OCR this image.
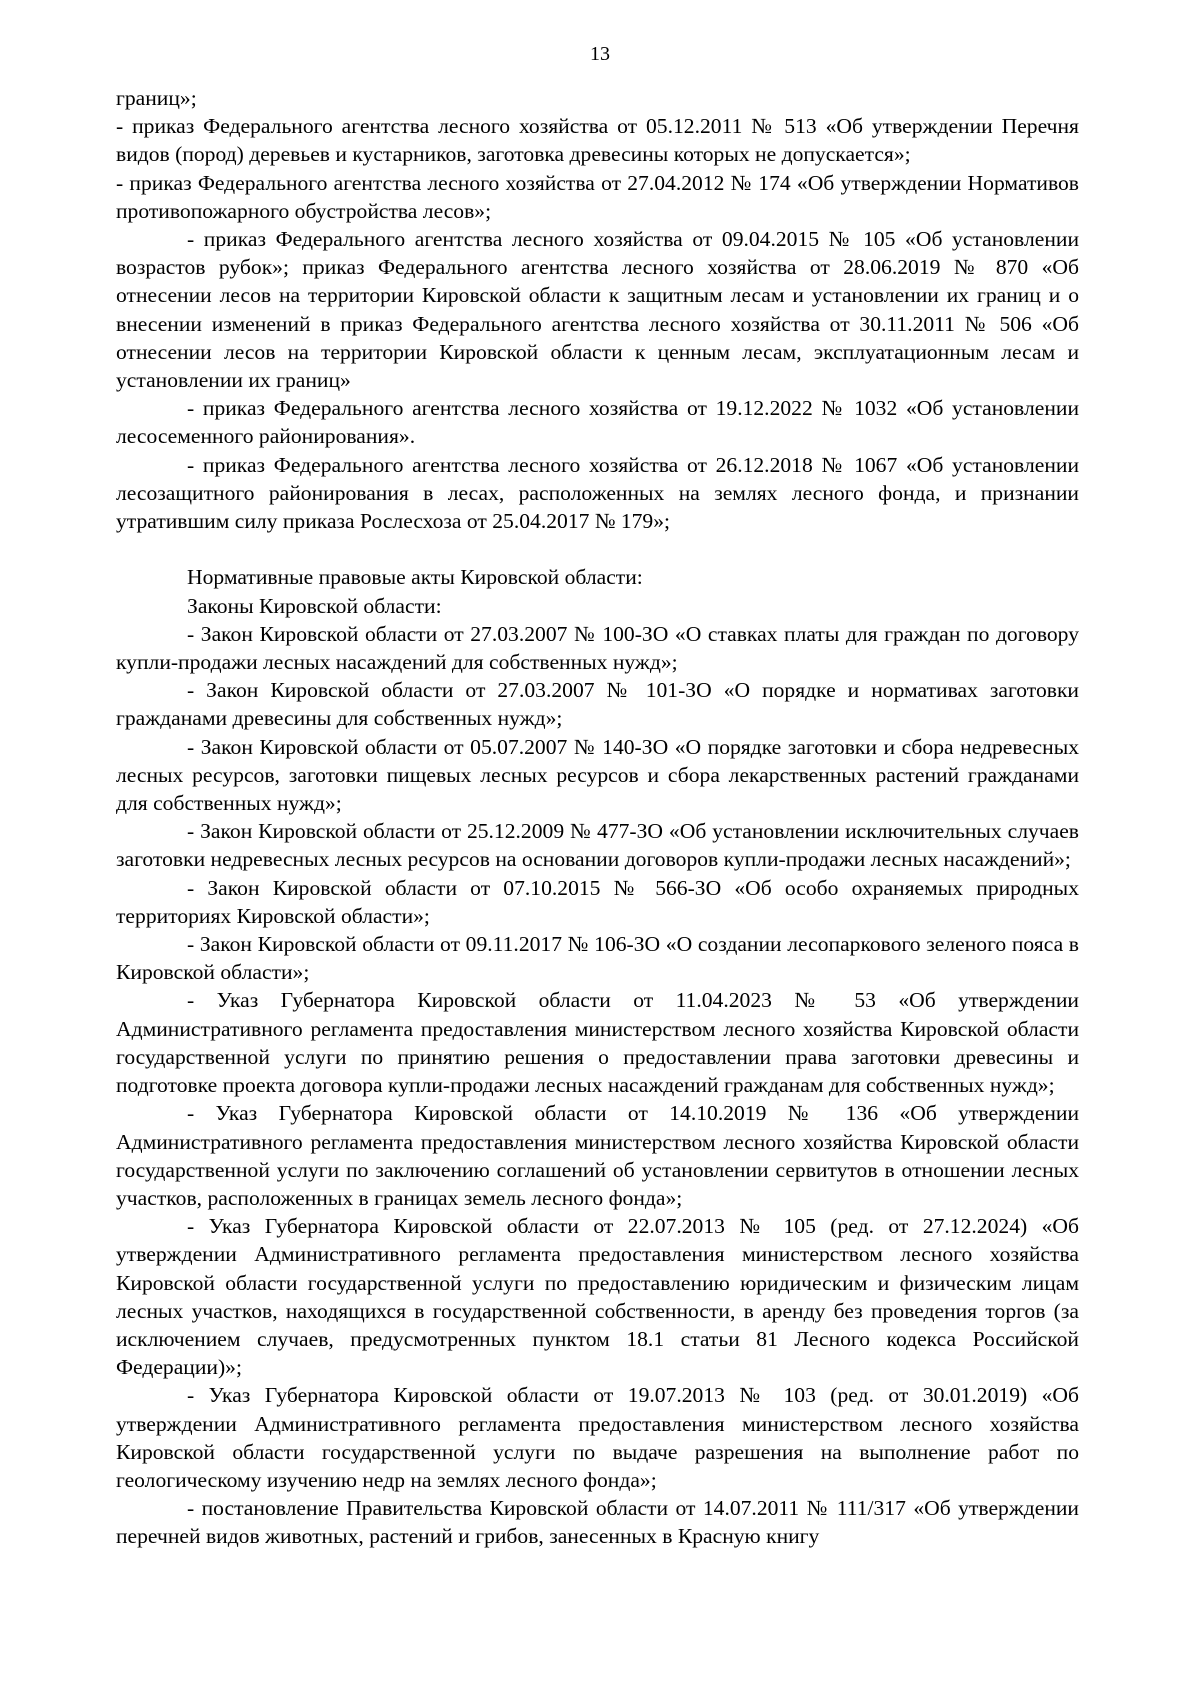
13

границ»;

- приказ Федерального агентства лесного хозяйства от 05.12.2011 № 513 «Об утверждении Перечня видов (пород) деревьев и кустарников, заготовка древесины которых не допускается»;

- приказ Федерального агентства лесного хозяйства от 27.04.2012 № 174 «Об утверждении Нормативов противопожарного обустройства лесов»;

- приказ Федерального агентства лесного хозяйства от 09.04.2015 № 105 «Об установлении возрастов рубок»; приказ Федерального агентства лесного хозяйства от 28.06.2019 № 870 «Об отнесении лесов на территории Кировской области к защитным лесам и установлении их границ и о внесении изменений в приказ Федерального агентства лесного хозяйства от 30.11.2011 № 506 «Об отнесении лесов на территории Кировской области к ценным лесам, эксплуатационным лесам и установлении их границ»

- приказ Федерального агентства лесного хозяйства от 19.12.2022 № 1032 «Об установлении лесосеменного районирования».

- приказ Федерального агентства лесного хозяйства от 26.12.2018 № 1067 «Об установлении лесозащитного районирования в лесах, расположенных на землях лесного фонда, и признании утратившим силу приказа Рослесхоза от 25.04.2017 № 179»;

Нормативные правовые акты Кировской области:

Законы Кировской области:

- Закон Кировской области от 27.03.2007 № 100-ЗО «О ставках платы для граждан по договору купли-продажи лесных насаждений для собственных нужд»;

- Закон Кировской области от 27.03.2007 № 101-ЗО «О порядке и нормативах заготовки гражданами древесины для собственных нужд»;

- Закон Кировской области от 05.07.2007 № 140-ЗО «О порядке заготовки и сбора недревесных лесных ресурсов, заготовки пищевых лесных ресурсов и сбора лекарственных растений гражданами для собственных нужд»;

- Закон Кировской области от 25.12.2009 № 477-ЗО «Об установлении исключительных случаев заготовки недревесных лесных ресурсов на основании договоров купли-продажи лесных насаждений»;

- Закон Кировской области от 07.10.2015 № 566-ЗО «Об особо охраняемых природных территориях Кировской области»;

- Закон Кировской области от 09.11.2017 № 106-ЗО «О создании лесопаркового зеленого пояса в Кировской области»;

- Указ Губернатора Кировской области от 11.04.2023 № 53 «Об утверждении Административного регламента предоставления министерством лесного хозяйства Кировской области государственной услуги по принятию решения о предоставлении права заготовки древесины и подготовке проекта договора купли-продажи лесных насаждений гражданам для собственных нужд»;

- Указ Губернатора Кировской области от 14.10.2019 № 136 «Об утверждении Административного регламента предоставления министерством лесного хозяйства Кировской области государственной услуги по заключению соглашений об установлении сервитутов в отношении лесных участков, расположенных в границах земель лесного фонда»;

- Указ Губернатора Кировской области от 22.07.2013 № 105 (ред. от 27.12.2024) «Об утверждении Административного регламента предоставления министерством лесного хозяйства Кировской области государственной услуги по предоставлению юридическим и физическим лицам лесных участков, находящихся в государственной собственности, в аренду без проведения торгов (за исключением случаев, предусмотренных пунктом 18.1 статьи 81 Лесного кодекса Российской Федерации)»;

- Указ Губернатора Кировской области от 19.07.2013 № 103 (ред. от 30.01.2019) «Об утверждении Административного регламента предоставления министерством лесного хозяйства Кировской области государственной услуги по выдаче разрешения на выполнение работ по геологическому изучению недр на землях лесного фонда»;

- постановление Правительства Кировской области от 14.07.2011 № 111/317 «Об утверждении перечней видов животных, растений и грибов, занесенных в Красную книгу
